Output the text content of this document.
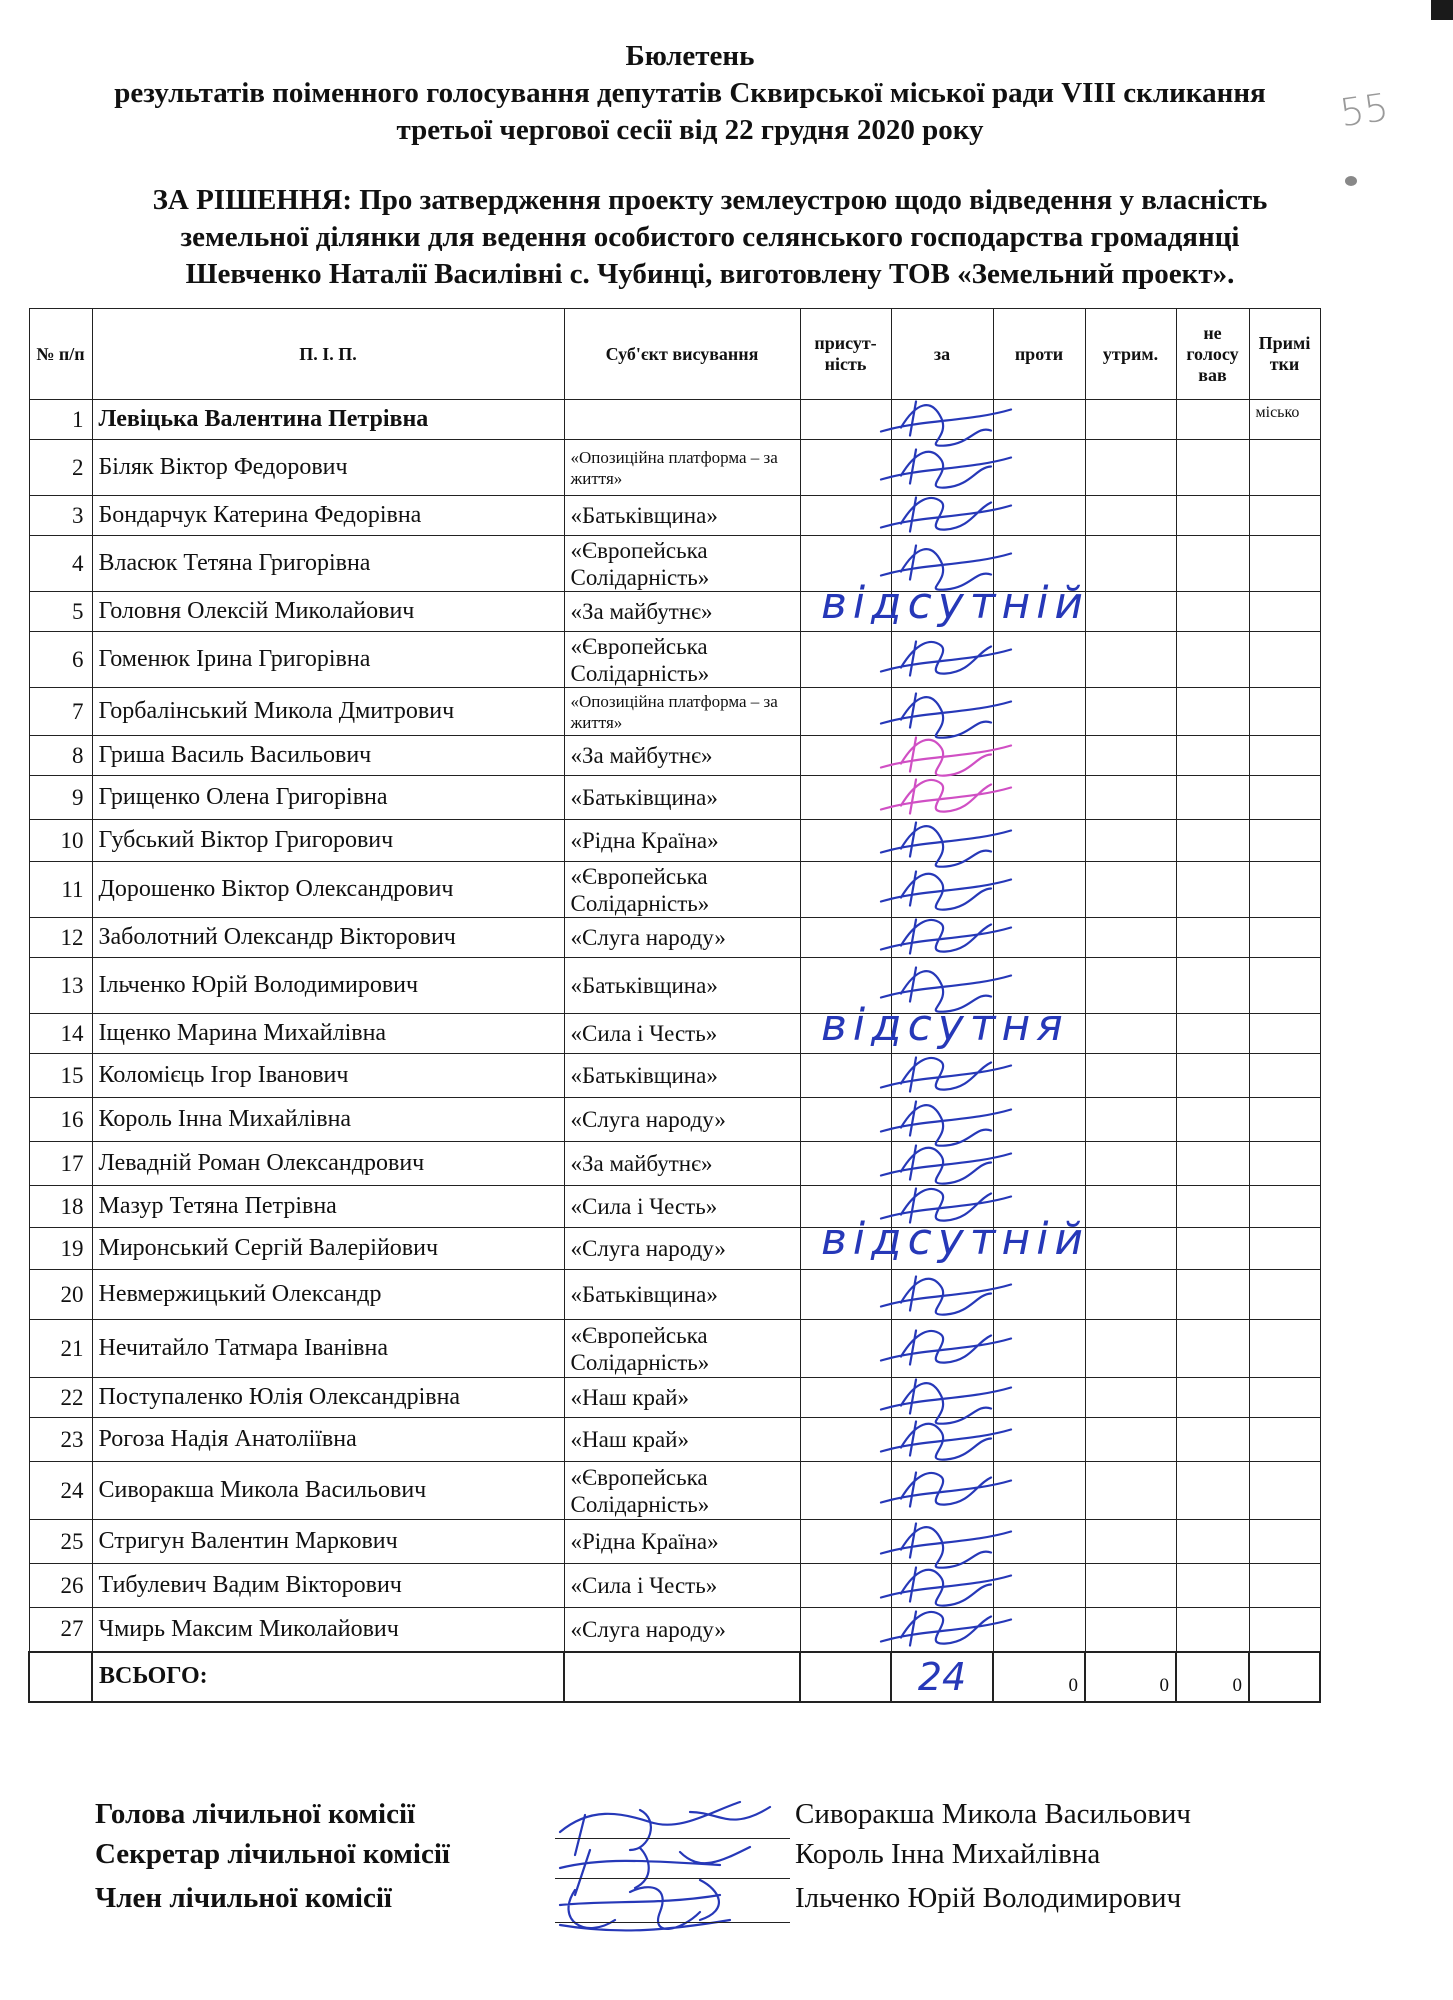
55
Бюлетень
результатів поіменного голосування депутатів Сквирської міської ради VIII скликання
третьої чергової сесії від 22 грудня 2020 року
ЗА РІШЕННЯ: Про затвердження проекту землеустрою щодо відведення у власність
земельної ділянки для ведення особистого селянського господарства громадянці
Шевченко Наталії Василівні с. Чубинці, виготовлену ТОВ «Земельний проект».
№ п/п	П. І. П.	Суб'єкт висування	присут-ність	за	проти	утрим.	не голосу вав	Примі тки
1	Левіцька Валентина Петрівна							місько
2	Біляк Віктор Федорович	«Опозиційна платформа – за життя»						
3	Бондарчук Катерина Федорівна	«Батьківщина»						
4	Власюк Тетяна Григорівна	«Європейська Солідарність»						
5	Головня Олексій Миколайович	«За майбутнє»						
6	Гоменюк Ірина Григорівна	«Європейська Солідарність»						
7	Горбалінський Микола Дмитрович	«Опозиційна платформа – за життя»						
8	Гриша Василь Васильович	«За майбутнє»						
9	Грищенко Олена Григорівна	«Батьківщина»						
10	Губський Віктор Григорович	«Рідна Країна»						
11	Дорошенко Віктор Олександрович	«Європейська Солідарність»						
12	Заболотний Олександр Вікторович	«Слуга народу»						
13	Ільченко Юрій Володимирович	«Батьківщина»						
14	Іщенко Марина Михайлівна	«Сила і Честь»						
15	Коломієць Ігор Іванович	«Батьківщина»						
16	Король Інна Михайлівна	«Слуга народу»						
17	Левадній Роман Олександрович	«За майбутнє»						
18	Мазур Тетяна Петрівна	«Сила і Честь»						
19	Миронський Сергій Валерійович	«Слуга народу»						
20	Невмержицький Олександр	«Батьківщина»						
21	Нечитайло Татмара Іванівна	«Європейська Солідарність»						
22	Поступаленко Юлія Олександрівна	«Наш край»						
23	Рогоза Надія Анатоліївна	«Наш край»						
24	Сиворакша Микола Васильович	«Європейська Солідарність»						
25	Стригун Валентин Маркович	«Рідна Країна»						
26	Тибулевич Вадим Вікторович	«Сила і Честь»						
27	Чмирь Максим Миколайович	«Слуга народу»						
	ВСЬОГО:			24	0	0	0	
відсутній
відсутня
відсутній
Голова лічильної комісії	Сиворакша Микола Васильович
Секретар лічильної комісії	Король Інна Михайлівна
Член лічильної комісії	Ільченко Юрій Володимирович
